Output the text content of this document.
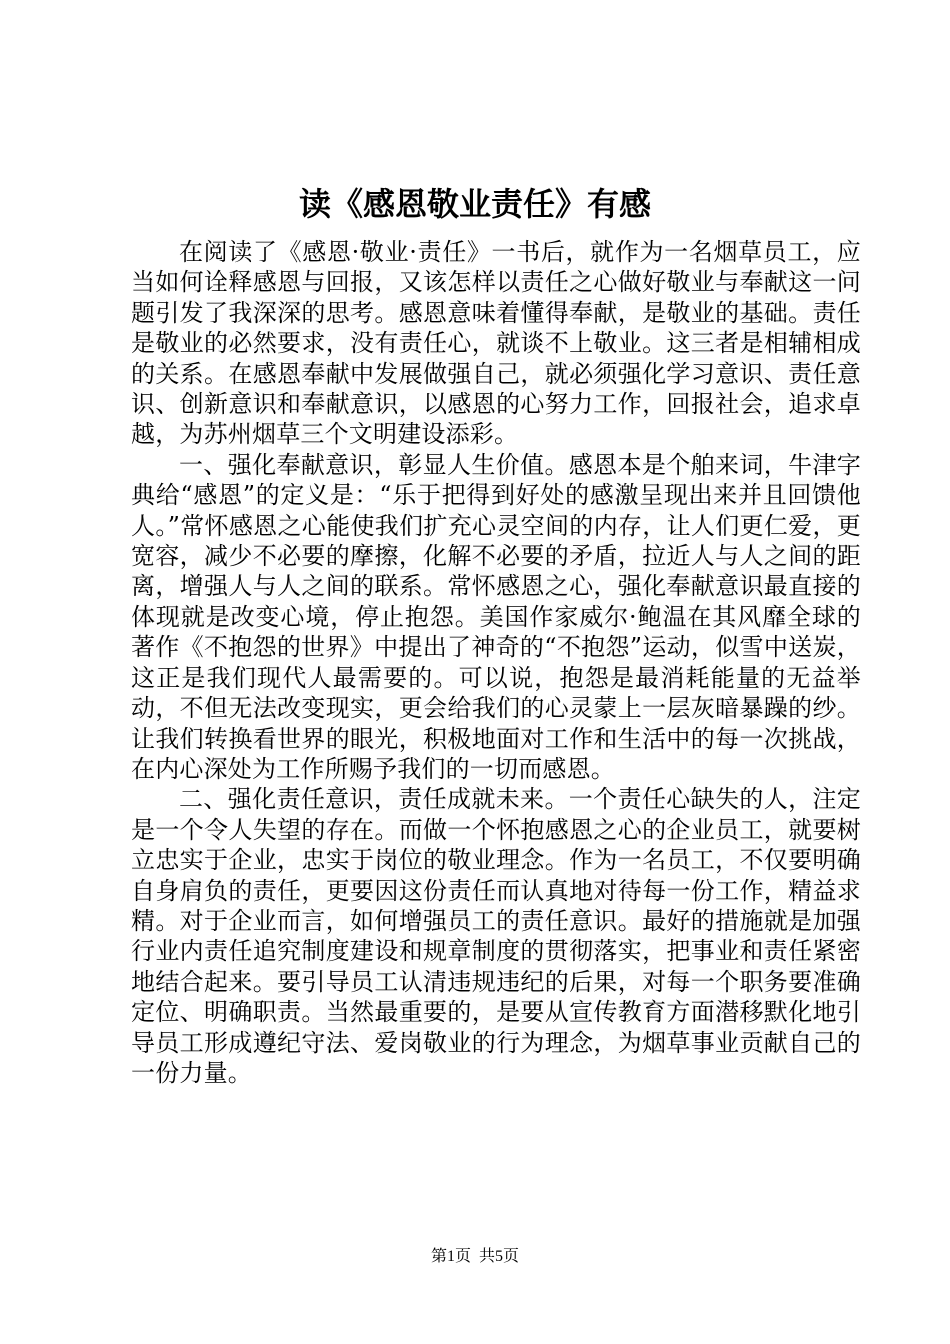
读《感恩敬业责任》有感

在阅读了《感恩·敬业·责任》一书后，就作为一名烟草员工，应当如何诠释感恩与回报，又该怎样以责任之心做好敬业与奉献这一问题引发了我深深的思考。感恩意味着懂得奉献，是敬业的基础。责任是敬业的必然要求，没有责任心，就谈不上敬业。这三者是相辅相成的关系。在感恩奉献中发展做强自己，就必须强化学习意识、责任意识、创新意识和奉献意识，以感恩的心努力工作，回报社会，追求卓越，为苏州烟草三个文明建设添彩。

一、强化奉献意识，彰显人生价值。感恩本是个舶来词，牛津字典给“感恩”的定义是：“乐于把得到好处的感激呈现出来并且回馈他人。”常怀感恩之心能使我们扩充心灵空间的内存，让人们更仁爱，更宽容，减少不必要的摩擦，化解不必要的矛盾，拉近人与人之间的距离，增强人与人之间的联系。常怀感恩之心，强化奉献意识最直接的体现就是改变心境，停止抱怨。美国作家威尔·鲍温在其风靡全球的著作《不抱怨的世界》中提出了神奇的“不抱怨”运动，似雪中送炭，这正是我们现代人最需要的。可以说，抱怨是最消耗能量的无益举动，不但无法改变现实，更会给我们的心灵蒙上一层灰暗暴躁的纱。让我们转换看世界的眼光，积极地面对工作和生活中的每一次挑战，在内心深处为工作所赐予我们的一切而感恩。

二、强化责任意识，责任成就未来。一个责任心缺失的人，注定是一个令人失望的存在。而做一个怀抱感恩之心的企业员工，就要树立忠实于企业，忠实于岗位的敬业理念。作为一名员工，不仅要明确自身肩负的责任，更要因这份责任而认真地对待每一份工作，精益求精。对于企业而言，如何增强员工的责任意识。最好的措施就是加强行业内责任追究制度建设和规章制度的贯彻落实，把事业和责任紧密地结合起来。要引导员工认清违规违纪的后果，对每一个职务要准确定位、明确职责。当然最重要的，是要从宣传教育方面潜移默化地引导员工形成遵纪守法、爱岗敬业的行为理念，为烟草事业贡献自己的一份力量。

第1页 共5页
